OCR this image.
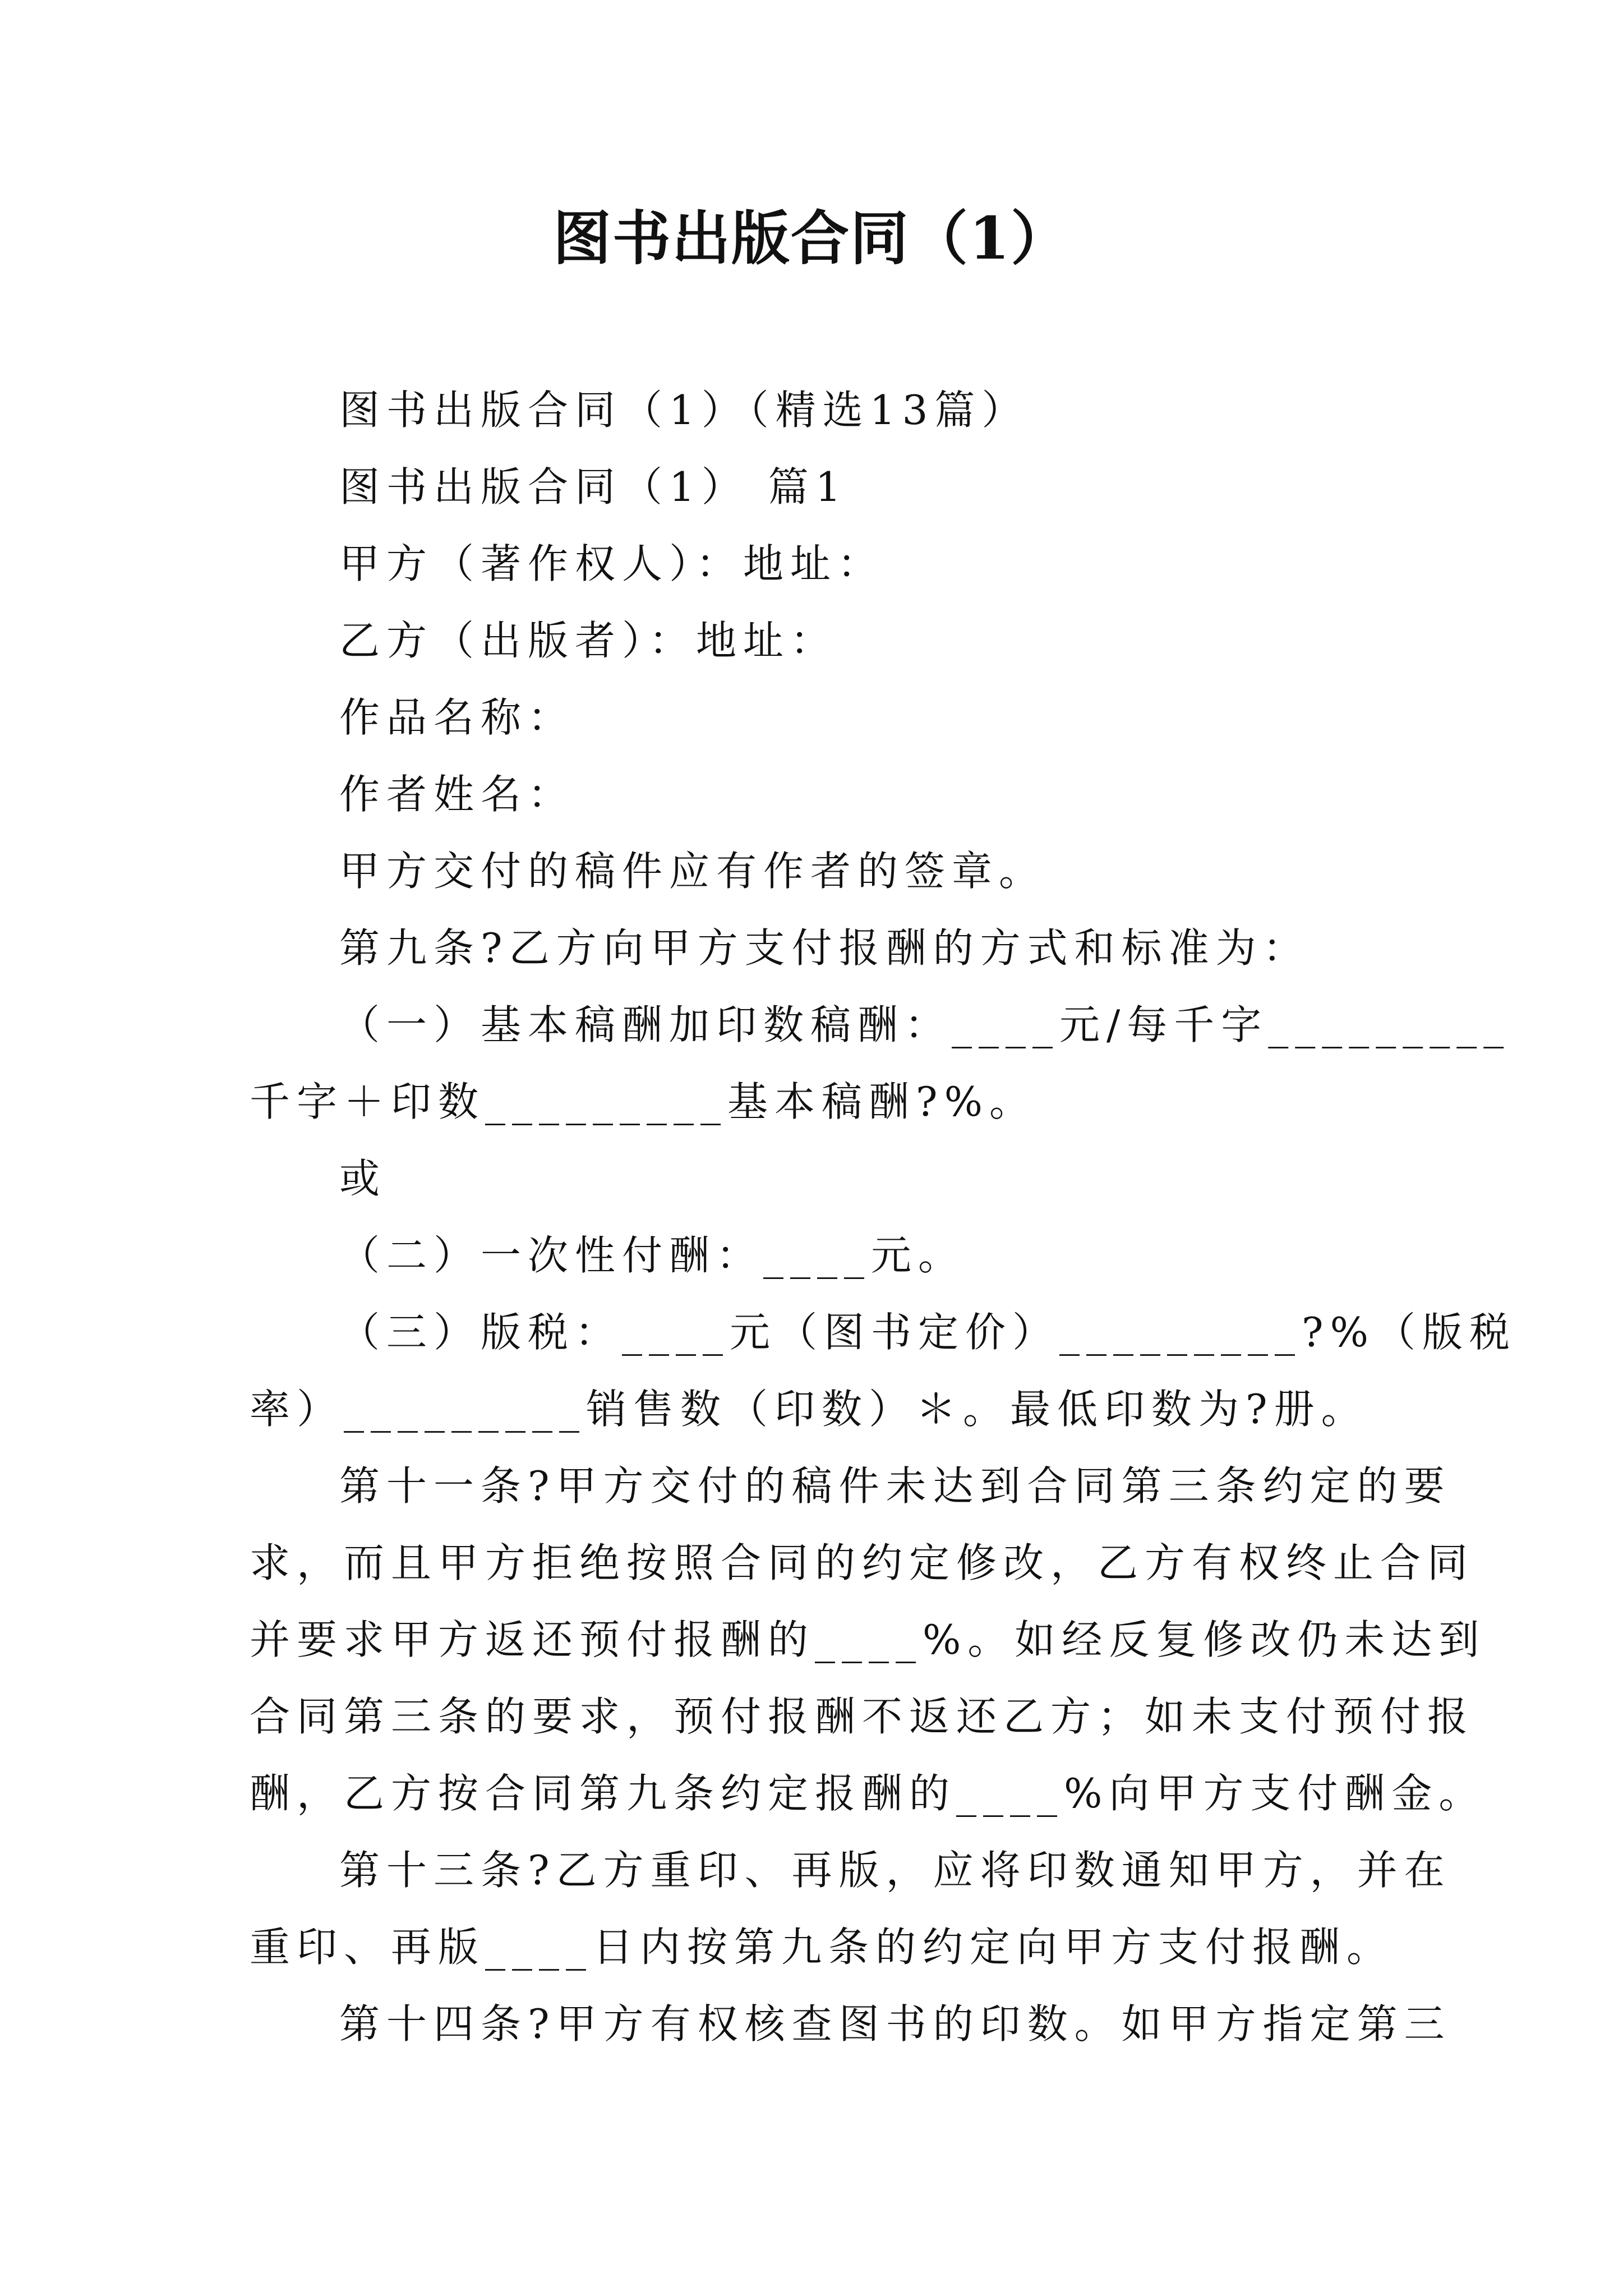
图书出版合同（1）

图书出版合同（1）（精选13篇）

图书出版合同（1） 篇1

甲方（著作权人）：地址：

乙方（出版者）：地址：

作品名称：

作者姓名：

甲方交付的稿件应有作者的签章。

第九条?乙方向甲方支付报酬的方式和标准为：

（一）基本稿酬加印数稿酬：____元/每千字_________

千字＋印数_________基本稿酬?%。

或

（二）一次性付酬：____元。

（三）版税：____元（图书定价）_________?%（版税

率）_________销售数（印数）＊。最低印数为?册。

第十一条?甲方交付的稿件未达到合同第三条约定的要

求，而且甲方拒绝按照合同的约定修改，乙方有权终止合同

并要求甲方返还预付报酬的____%。如经反复修改仍未达到

合同第三条的要求，预付报酬不返还乙方；如未支付预付报

酬，乙方按合同第九条约定报酬的____%向甲方支付酬金。

第十三条?乙方重印、再版，应将印数通知甲方，并在

重印、再版____日内按第九条的约定向甲方支付报酬。

第十四条?甲方有权核查图书的印数。如甲方指定第三
